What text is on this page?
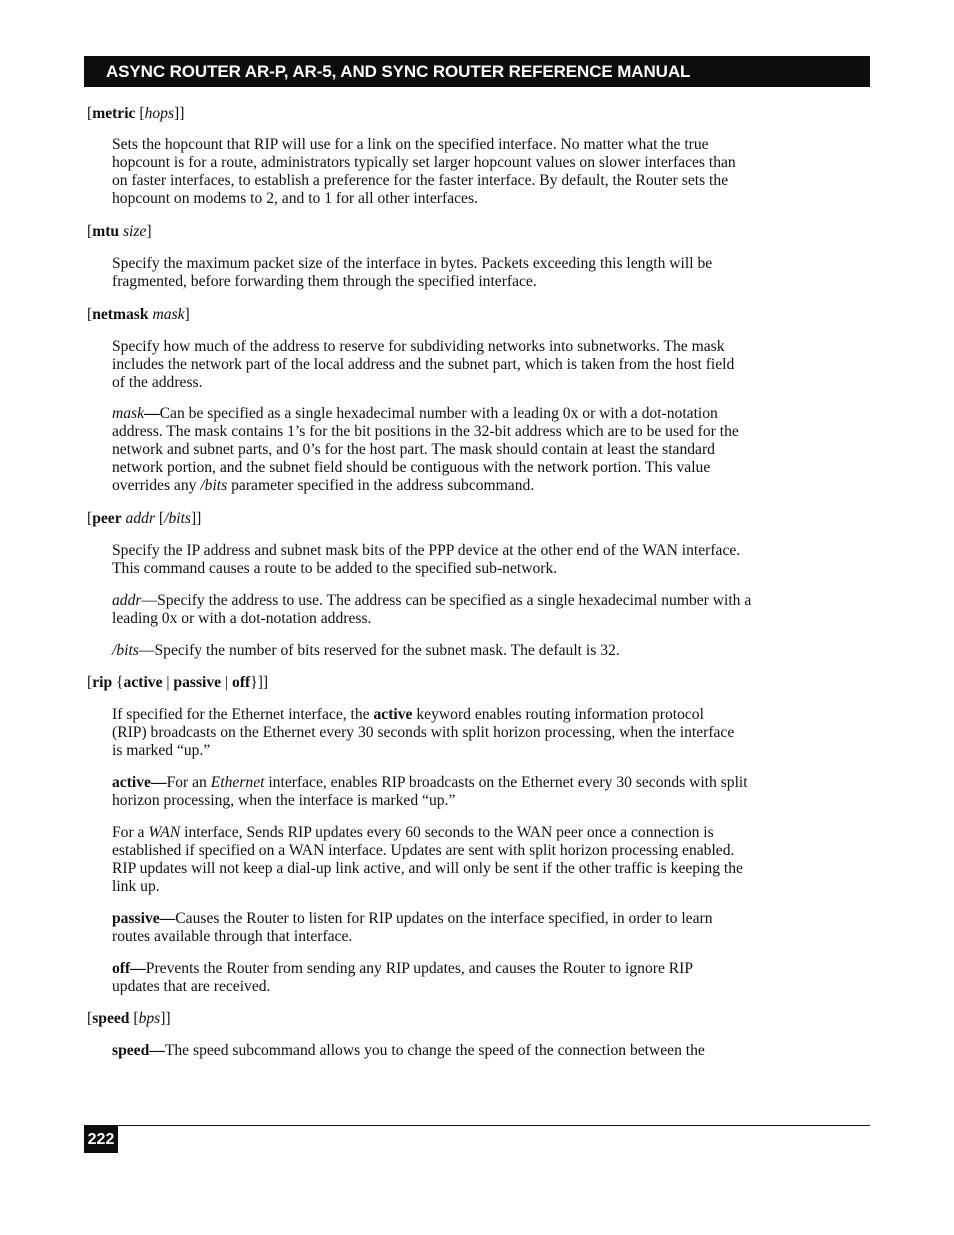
ASYNC ROUTER AR-P, AR-5, AND SYNC ROUTER REFERENCE MANUAL
[metric [hops]]
Sets the hopcount that RIP will use for a link on the specified interface. No matter what the true
hopcount is for a route, administrators typically set larger hopcount values on slower interfaces than
on faster interfaces, to establish a preference for the faster interface. By default, the Router sets the
hopcount on modems to 2, and to 1 for all other interfaces.
[mtu size]
Specify the maximum packet size of the interface in bytes. Packets exceeding this length will be
fragmented, before forwarding them through the specified interface.
[netmask mask]
Specify how much of the address to reserve for subdividing networks into subnetworks. The mask
includes the network part of the local address and the subnet part, which is taken from the host field
of the address.
mask—Can be specified as a single hexadecimal number with a leading 0x or with a dot-notation
address. The mask contains 1’s for the bit positions in the 32-bit address which are to be used for the
network and subnet parts, and 0’s for the host part. The mask should contain at least the standard
network portion, and the subnet field should be contiguous with the network portion. This value
overrides any /bits parameter specified in the address subcommand.
[peer addr [/bits]]
Specify the IP address and subnet mask bits of the PPP device at the other end of the WAN interface.
This command causes a route to be added to the specified sub-network.
addr—Specify the address to use. The address can be specified as a single hexadecimal number with a
leading 0x or with a dot-notation address.
/bits—Specify the number of bits reserved for the subnet mask. The default is 32.
[rip {active | passive | off}]]
If specified for the Ethernet interface, the active keyword enables routing information protocol
(RIP) broadcasts on the Ethernet every 30 seconds with split horizon processing, when the interface
is marked “up.”
active—For an Ethernet interface, enables RIP broadcasts on the Ethernet every 30 seconds with split
horizon processing, when the interface is marked “up.”
For a WAN interface, Sends RIP updates every 60 seconds to the WAN peer once a connection is
established if specified on a WAN interface. Updates are sent with split horizon processing enabled.
RIP updates will not keep a dial-up link active, and will only be sent if the other traffic is keeping the
link up.
passive—Causes the Router to listen for RIP updates on the interface specified, in order to learn
routes available through that interface.
off—Prevents the Router from sending any RIP updates, and causes the Router to ignore RIP
updates that are received.
[speed [bps]]
speed—The speed subcommand allows you to change the speed of the connection between the
222
